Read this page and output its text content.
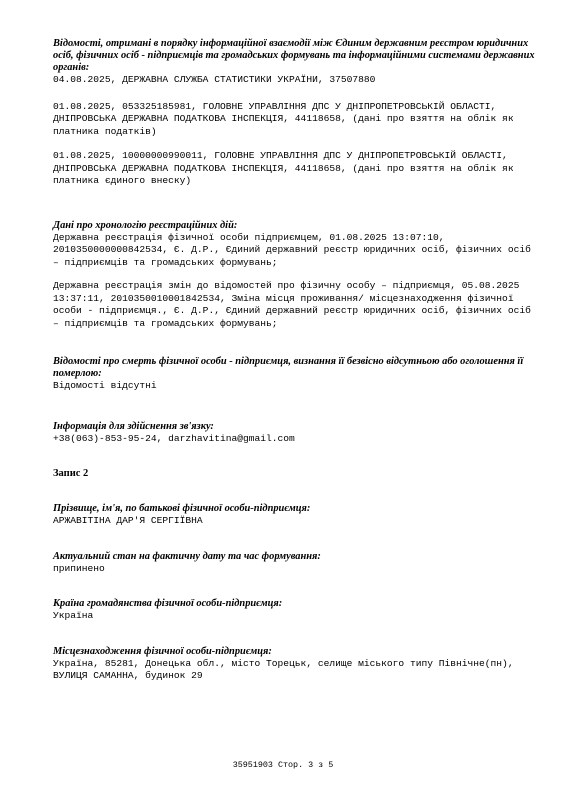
Відомості, отримані в порядку інформаційної взаємодії між Єдиним державним реєстром юридичних осіб, фізичних осіб - підприємців та громадських формувань та інформаційними системами державних органів:

04.08.2025, ДЕРЖАВНА СЛУЖБА СТАТИСТИКИ УКРАЇНИ, 37507880

01.08.2025, 053325185981, ГОЛОВНЕ УПРАВЛІННЯ ДПС У ДНІПРОПЕТРОВСЬКІЙ ОБЛАСТІ, ДНІПРОВСЬКА ДЕРЖАВНА ПОДАТКОВА ІНСПЕКЦІЯ, 44118658, (дані про взяття на облік як платника податків)

01.08.2025, 10000000990011, ГОЛОВНЕ УПРАВЛІННЯ ДПС У ДНІПРОПЕТРОВСЬКІЙ ОБЛАСТІ, ДНІПРОВСЬКА ДЕРЖАВНА ПОДАТКОВА ІНСПЕКЦІЯ, 44118658, (дані про взяття на облік як платника єдиного внеску)

Дані про хронологію реєстраційних дій:

Державна реєстрація фізичної особи підприємцем, 01.08.2025 13:07:10, 2010350000000842534, Є. Д.Р., Єдиний державний реєстр юридичних осіб, фізичних осіб – підприємців та громадських формувань;

Державна реєстрація змін до відомостей про фізичну особу – підприємця, 05.08.2025 13:37:11, 2010350010001842534, Зміна місця проживання/ місцезнаходження фізичної особи - підприємця., Є. Д.Р., Єдиний державний реєстр юридичних осіб, фізичних осіб – підприємців та громадських формувань;

Відомості про смерть фізичної особи - підприємця, визнання її безвісно відсутньою або оголошення її померлою:

Відомості відсутні

Інформація для здійснення зв'язку:

+38(063)-853-95-24, darzhavitina@gmail.com

Запис 2

Прізвище, ім'я, по батькові фізичної особи-підприємця:

АРЖАВІТІНА ДАР'Я СЕРГІЇВНА

Актуальний стан на фактичну дату та час формування:

припинено

Країна громадянства фізичної особи-підприємця:

Україна

Місцезнаходження фізичної особи-підприємця:

Україна, 85281, Донецька обл., місто Торецьк, селище міського типу Північне(пн), ВУЛИЦЯ САМАННА, будинок 29

35951903 Стор. 3 з 5
